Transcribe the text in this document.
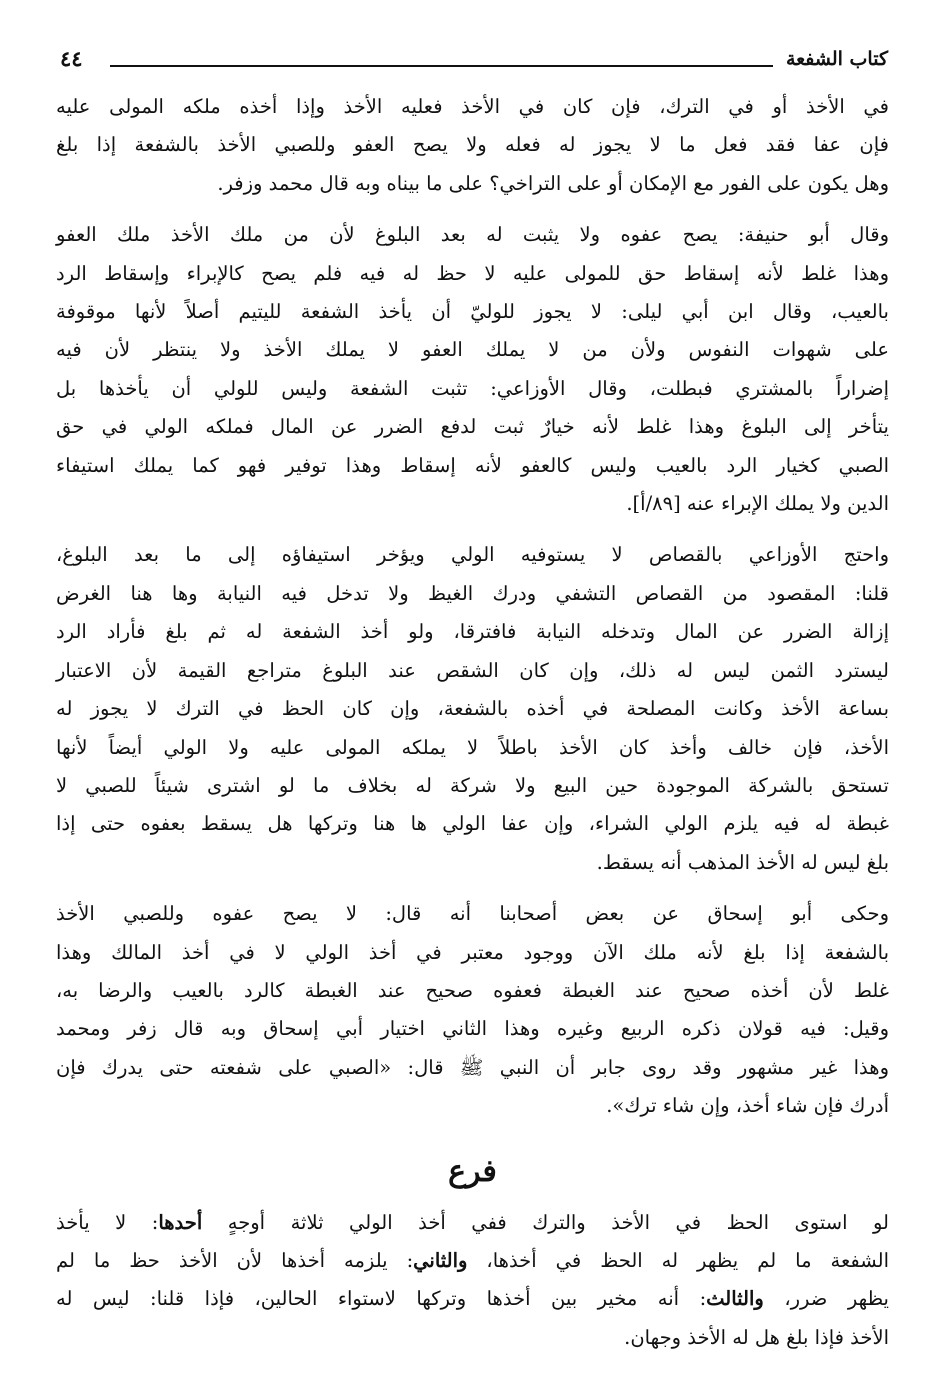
كتاب الشفعة
٤٤
في الأخذ أو في الترك، فإن كان في الأخذ فعليه الأخذ وإذا أخذه ملكه المولى عليه
فإن عفا فقد فعل ما لا يجوز له فعله ولا يصح العفو وللصبي الأخذ بالشفعة إذا بلغ
وهل يكون على الفور مع الإمكان أو على التراخي؟ على ما بيناه وبه قال محمد وزفر.
وقال أبو حنيفة: يصح عفوه ولا يثبت له بعد البلوغ لأن من ملك الأخذ ملك العفو
وهذا غلط لأنه إسقاط حق للمولى عليه لا حظ له فيه فلم يصح كالإبراء وإسقاط الرد
بالعيب، وقال ابن أبي ليلى: لا يجوز للوليّ أن يأخذ الشفعة لليتيم أصلاً لأنها موقوفة
على شهوات النفوس ولأن من لا يملك العفو لا يملك الأخذ ولا ينتظر لأن فيه
إضراراً بالمشتري فبطلت، وقال الأوزاعي: تثبت الشفعة وليس للولي أن يأخذها بل
يتأخر إلى البلوغ وهذا غلط لأنه خيارٌ ثبت لدفع الضرر عن المال فملكه الولي في حق
الصبي كخيار الرد بالعيب وليس كالعفو لأنه إسقاط وهذا توفير فهو كما يملك استيفاء
الدين ولا يملك الإبراء عنه [٨٩/أ].
واحتج الأوزاعي بالقصاص لا يستوفيه الولي ويؤخر استيفاؤه إلى ما بعد البلوغ،
قلنا: المقصود من القصاص التشفي ودرك الغيظ ولا تدخل فيه النيابة وها هنا الغرض
إزالة الضرر عن المال وتدخله النيابة فافترقا، ولو أخذ الشفعة له ثم بلغ فأراد الرد
ليسترد الثمن ليس له ذلك، وإن كان الشقص عند البلوغ متراجع القيمة لأن الاعتبار
بساعة الأخذ وكانت المصلحة في أخذه بالشفعة، وإن كان الحظ في الترك لا يجوز له
الأخذ، فإن خالف وأخذ كان الأخذ باطلاً لا يملكه المولى عليه ولا الولي أيضاً لأنها
تستحق بالشركة الموجودة حين البيع ولا شركة له بخلاف ما لو اشترى شيئاً للصبي لا
غبطة له فيه يلزم الولي الشراء، وإن عفا الولي ها هنا وتركها هل يسقط بعفوه حتى إذا
بلغ ليس له الأخذ المذهب أنه يسقط.
وحكى أبو إسحاق عن بعض أصحابنا أنه قال: لا يصح عفوه وللصبي الأخذ
بالشفعة إذا بلغ لأنه ملك الآن ووجود معتبر في أخذ الولي لا في أخذ المالك وهذا
غلط لأن أخذه صحيح عند الغبطة فعفوه صحيح عند الغبطة كالرد بالعيب والرضا به،
وقيل: فيه قولان ذكره الربيع وغيره وهذا الثاني اختيار أبي إسحاق وبه قال زفر ومحمد
وهذا غير مشهور وقد روى جابر أن النبي ﷺ قال: «الصبي على شفعته حتى يدرك فإن
أدرك فإن شاء أخذ، وإن شاء ترك».
فرع
لو استوى الحظ في الأخذ والترك ففي أخذ الولي ثلاثة أوجهٍ أحدها: لا يأخذ
الشفعة ما لم يظهر له الحظ في أخذها، والثاني: يلزمه أخذها لأن الأخذ حظ ما لم
يظهر ضرر، والثالث: أنه مخير بين أخذها وتركها لاستواء الحالين، فإذا قلنا: ليس له
الأخذ فإذا بلغ هل له الأخذ وجهان.
